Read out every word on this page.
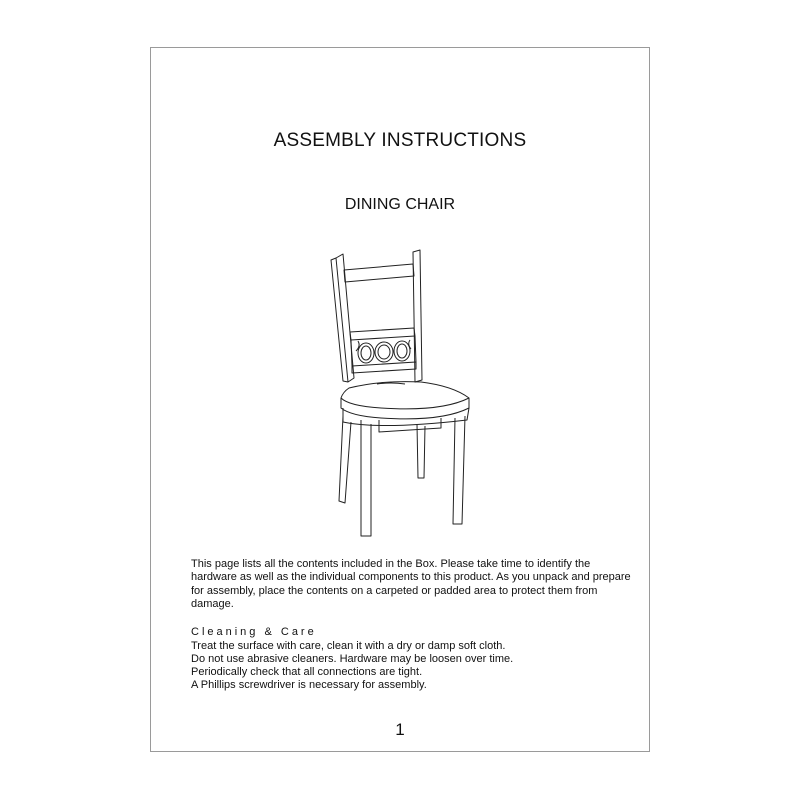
ASSEMBLY INSTRUCTIONS
DINING CHAIR
This page lists all the contents included in the Box. Please take time to identify the hardware as well as the individual components to this product. As you unpack and prepare for assembly, place the contents on a carpeted or padded area to protect them from damage.
Cleaning & Care
Treat the surface with care, clean it with a dry or damp soft cloth.
Do not use abrasive cleaners. Hardware may be loosen over time.
Periodically check that all connections are tight.
A Phillips screwdriver is necessary for assembly.
1
